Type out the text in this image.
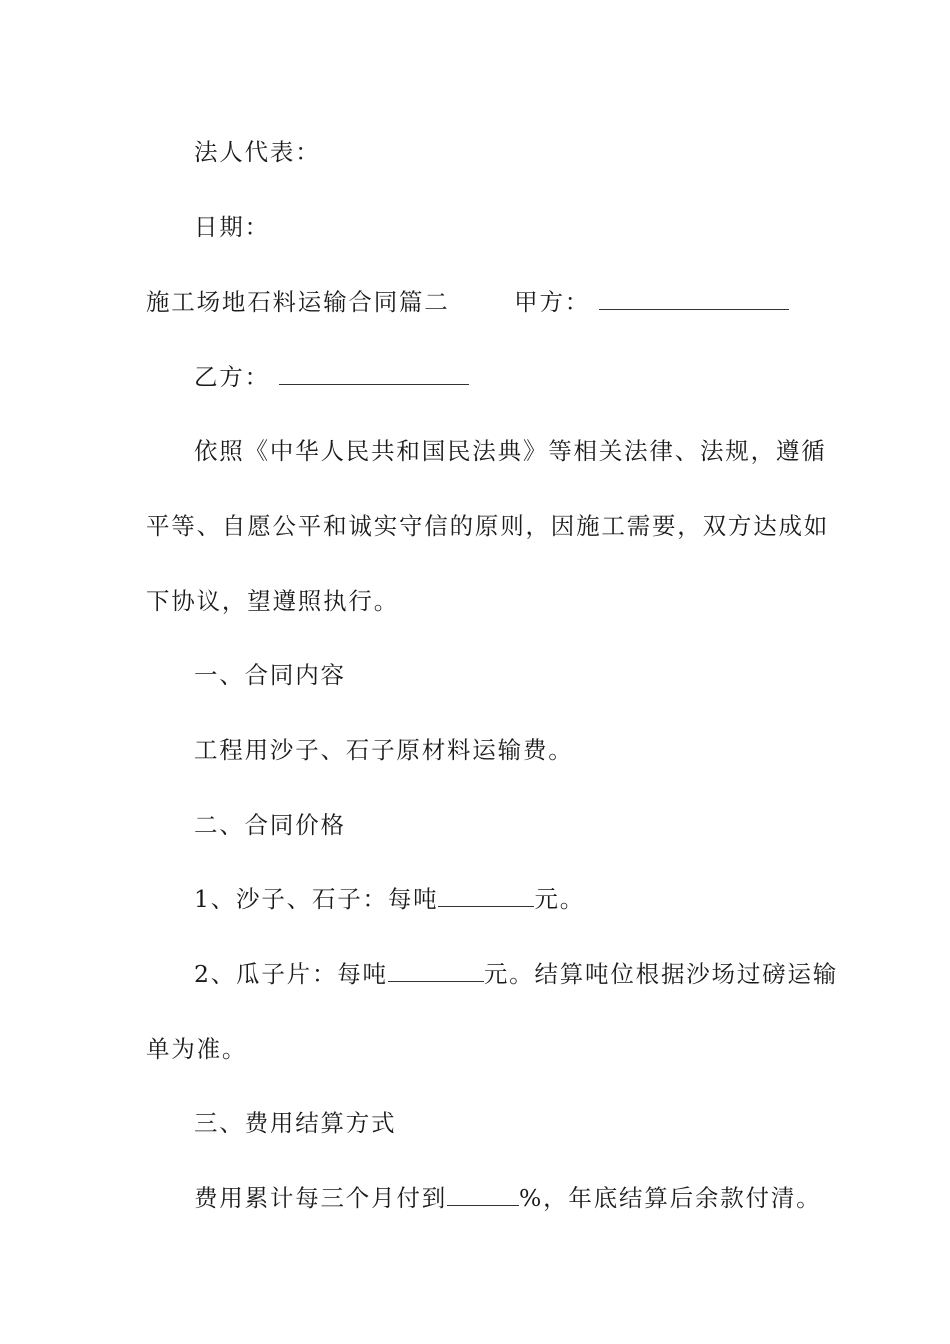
法人代表：
日期：
施工场地石料运输合同篇二	甲方：
乙方：
依照《中华人民共和国民法典》等相关法律、法规，遵循
平等、自愿公平和诚实守信的原则，因施工需要，双方达成如
下协议，望遵照执行。
一、合同内容
工程用沙子、石子原材料运输费。
二、合同价格
1、沙子、石子：每吨	元。
2、瓜子片：每吨	元。结算吨位根据沙场过磅运输
单为准。
三、费用结算方式
费用累计每三个月付到	%，年底结算后余款付清。
